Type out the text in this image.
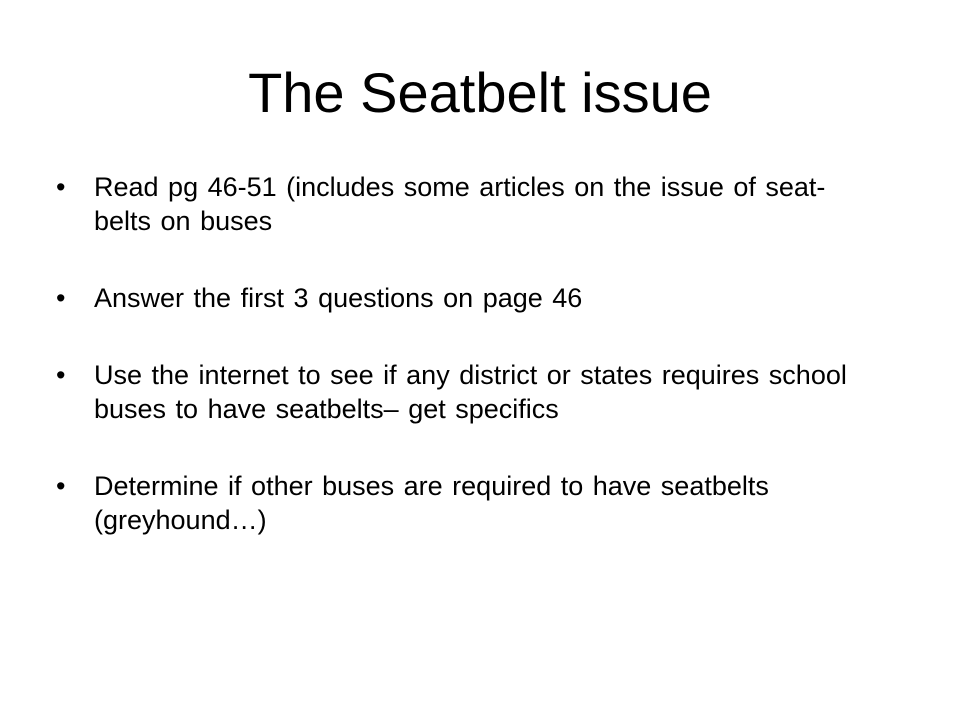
The Seatbelt issue
•	Read pg 46-51 (includes some articles on the issue of seat-belts on buses
•	Answer the first 3 questions on page 46
•	Use the internet to see if any district or states requires school buses to have seatbelts– get specifics
•	Determine if other buses are required to have seatbelts (greyhound…)
